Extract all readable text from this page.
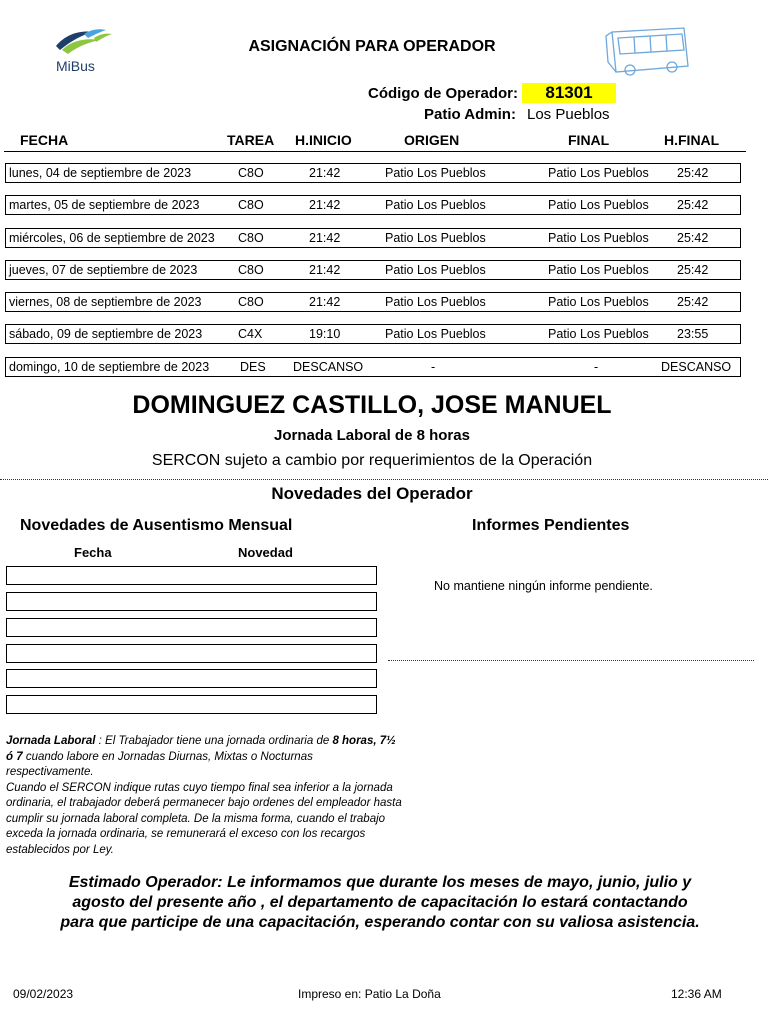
MiBus
ASIGNACIÓN PARA OPERADOR
Código de Operador:	81301
Patio Admin: Los Pueblos
FECHA	TAREA H.INICIO	ORIGEN	FINAL	H.FINAL
lunes, 04 de septiembre de 2023	C8O	21:42	Patio Los Pueblos	Patio Los Pueblos 25:42
martes, 05 de septiembre de 2023	C8O	21:42	Patio Los Pueblos	Patio Los Pueblos 25:42
miércoles, 06 de septiembre de 2023 C8O	21:42	Patio Los Pueblos	Patio Los Pueblos 25:42
jueves, 07 de septiembre de 2023	C8O	21:42	Patio Los Pueblos	Patio Los Pueblos 25:42
viernes, 08 de septiembre de 2023	C8O	21:42	Patio Los Pueblos	Patio Los Pueblos 25:42
sábado, 09 de septiembre de 2023	C4X	19:10	Patio Los Pueblos	Patio Los Pueblos 23:55
domingo, 10 de septiembre de 2023 DES DESCANSO	-	-	DESCANSO
DOMINGUEZ CASTILLO, JOSE MANUEL
Jornada Laboral de 8 horas
SERCON sujeto a cambio por requerimientos de la Operación
Novedades del Operador
Novedades de Ausentismo Mensual	Informes Pendientes
Fecha	Novedad
No mantiene ningún informe pendiente.
Jornada Laboral : El Trabajador tiene una jornada ordinaria de 8 horas, 7½ ó 7 cuando labore en Jornadas Diurnas, Mixtas o Nocturnas respectivamente.
Cuando el SERCON indique rutas cuyo tiempo final sea inferior a la jornada ordinaria, el trabajador deberá permanecer bajo ordenes del empleador hasta cumplir su jornada laboral completa. De la misma forma, cuando el trabajo exceda la jornada ordinaria, se remunerará el exceso con los recargos establecidos por Ley.
Estimado Operador: Le informamos que durante los meses de mayo, junio, julio y agosto del presente año , el departamento de capacitación lo estará contactando para que participe de una capacitación, esperando contar con su valiosa asistencia.
09/02/2023	Impreso en: Patio La Doña	12:36 AM
